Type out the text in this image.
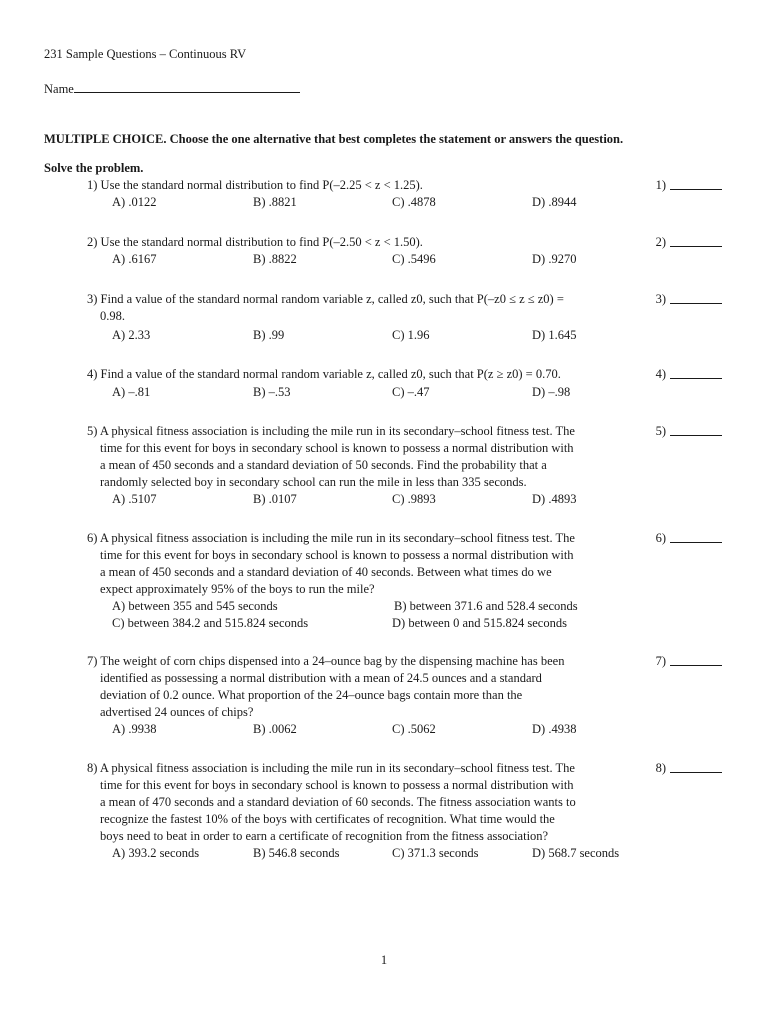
231 Sample Questions – Continuous RV
Name
MULTIPLE CHOICE. Choose the one alternative that best completes the statement or answers the question.
Solve the problem.
1) Use the standard normal distribution to find P(–2.25 < z < 1.25).	1)
A) .0122	B) .8821	C) .4878	D) .8944
2) Use the standard normal distribution to find P(–2.50 < z < 1.50).	2)
A) .6167	B) .8822	C) .5496	D) .9270
3) Find a value of the standard normal random variable z, called z0, such that P(–z0 ≤ z ≤ z0) =
0.98.
3)
A) 2.33	B) .99	C) 1.96	D) 1.645
4) Find a value of the standard normal random variable z, called z0, such that P(z ≥ z0) = 0.70.	4)
A) –.81	B) –.53	C) –.47	D) –.98
5) A physical fitness association is including the mile run in its secondary–school fitness test. The
time for this event for boys in secondary school is known to possess a normal distribution with
a mean of 450 seconds and a standard deviation of 50 seconds. Find the probability that a
randomly selected boy in secondary school can run the mile in less than 335 seconds.
5)
A) .5107	B) .0107	C) .9893	D) .4893
6) A physical fitness association is including the mile run in its secondary–school fitness test. The
time for this event for boys in secondary school is known to possess a normal distribution with
a mean of 450 seconds and a standard deviation of 40 seconds. Between what times do we
expect approximately 95% of the boys to run the mile?
6)
A) between 355 and 545 seconds	B) between 371.6 and 528.4 seconds
C) between 384.2 and 515.824 seconds	D) between 0 and 515.824 seconds
7) The weight of corn chips dispensed into a 24–ounce bag by the dispensing machine has been
identified as possessing a normal distribution with a mean of 24.5 ounces and a standard
deviation of 0.2 ounce. What proportion of the 24–ounce bags contain more than the
advertised 24 ounces of chips?
7)
A) .9938	B) .0062	C) .5062	D) .4938
8) A physical fitness association is including the mile run in its secondary–school fitness test. The
time for this event for boys in secondary school is known to possess a normal distribution with
a mean of 470 seconds and a standard deviation of 60 seconds. The fitness association wants to
recognize the fastest 10% of the boys with certificates of recognition. What time would the
boys need to beat in order to earn a certificate of recognition from the fitness association?
8)
A) 393.2 seconds	B) 546.8 seconds	C) 371.3 seconds	D) 568.7 seconds
1
